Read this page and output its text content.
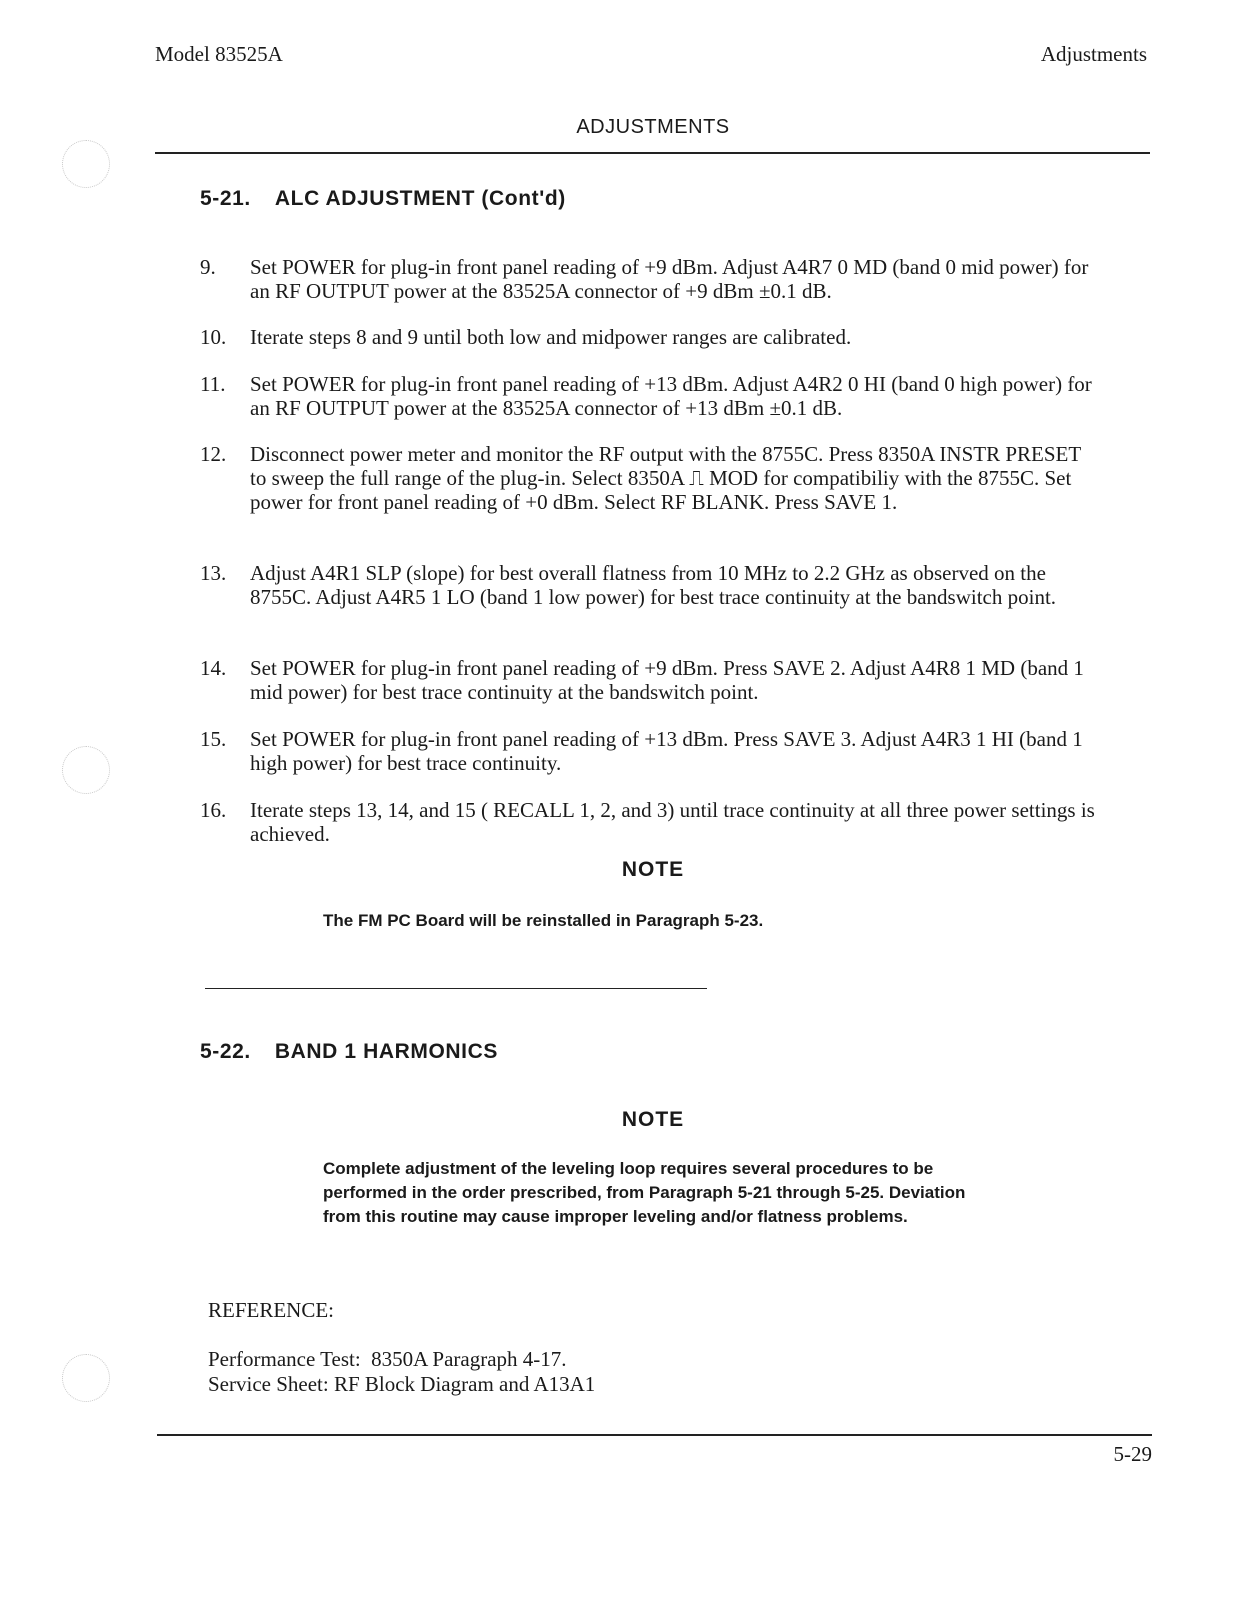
Model 83525A	Adjustments
ADJUSTMENTS
5-21. ALC ADJUSTMENT (Cont'd)
9. Set POWER for plug-in front panel reading of +9 dBm. Adjust A4R7 0 MD (band 0 mid power) for an RF OUTPUT power at the 83525A connector of +9 dBm ±0.1 dB.
10. Iterate steps 8 and 9 until both low and midpower ranges are calibrated.
11. Set POWER for plug-in front panel reading of +13 dBm. Adjust A4R2 0 HI (band 0 high power) for an RF OUTPUT power at the 83525A connector of +13 dBm ±0.1 dB.
12. Disconnect power meter and monitor the RF output with the 8755C. Press 8350A INSTR PRESET to sweep the full range of the plug-in. Select 8350A ⎍ MOD for compatibiliy with the 8755C. Set power for front panel reading of +0 dBm. Select RF BLANK. Press SAVE 1.
13. Adjust A4R1 SLP (slope) for best overall flatness from 10 MHz to 2.2 GHz as observed on the 8755C. Adjust A4R5 1 LO (band 1 low power) for best trace continuity at the bandswitch point.
14. Set POWER for plug-in front panel reading of +9 dBm. Press SAVE 2. Adjust A4R8 1 MD (band 1 mid power) for best trace continuity at the bandswitch point.
15. Set POWER for plug-in front panel reading of +13 dBm. Press SAVE 3. Adjust A4R3 1 HI (band 1 high power) for best trace continuity.
16. Iterate steps 13, 14, and 15 ( RECALL 1, 2, and 3) until trace continuity at all three power settings is achieved.
NOTE
The FM PC Board will be reinstalled in Paragraph 5-23.
5-22. BAND 1 HARMONICS
NOTE
Complete adjustment of the leveling loop requires several procedures to be performed in the order prescribed, from Paragraph 5-21 through 5-25. Deviation from this routine may cause improper leveling and/or flatness problems.
REFERENCE:
Performance Test:  8350A Paragraph 4-17.
Service Sheet: RF Block Diagram and A13A1
5-29
